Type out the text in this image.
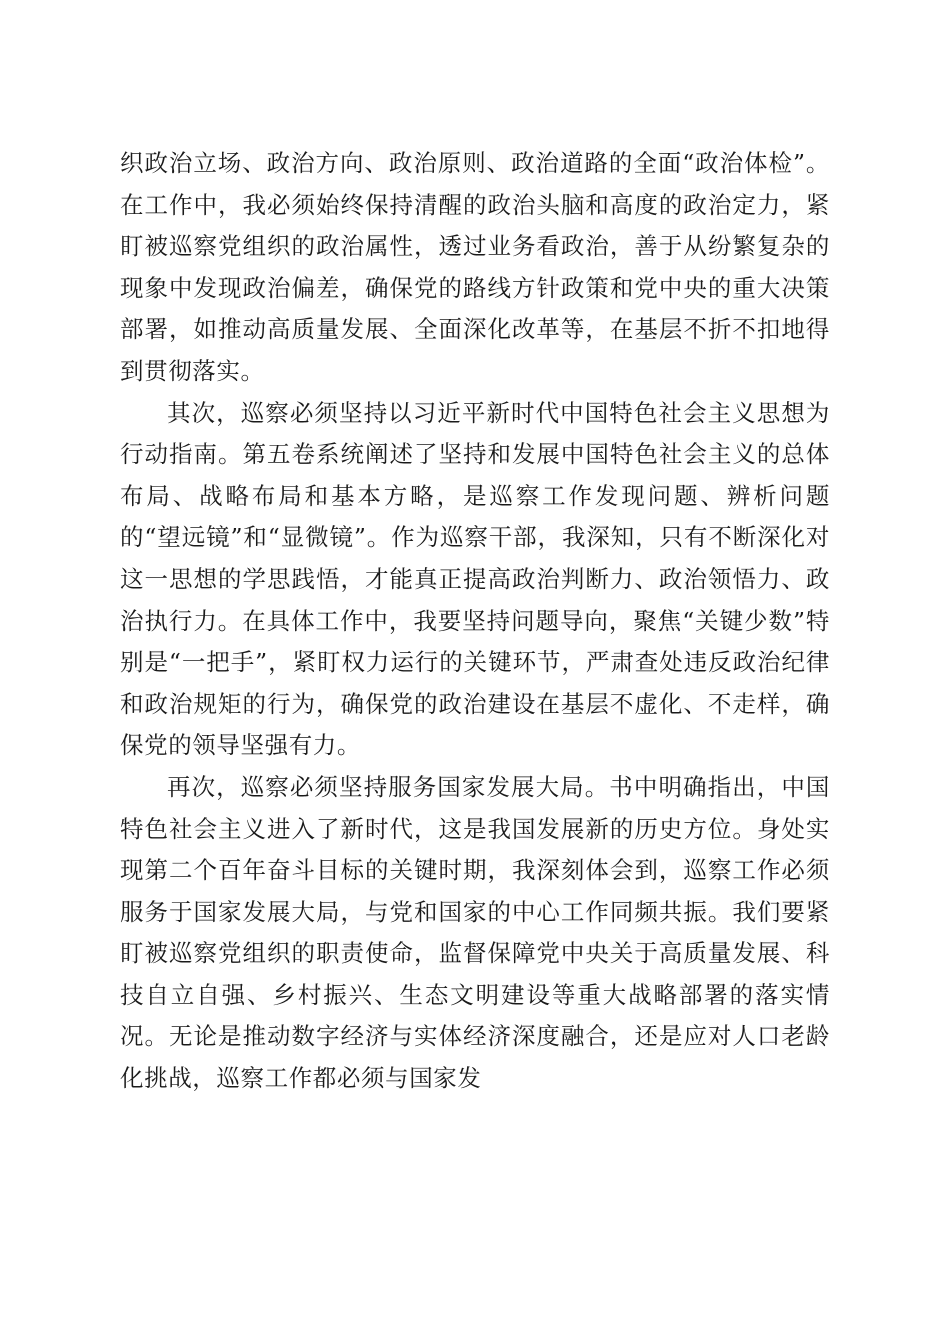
织政治立场、政治方向、政治原则、政治道路的全面“政治体检”。在工作中，我必须始终保持清醒的政治头脑和高度的政治定力，紧盯被巡察党组织的政治属性，透过业务看政治，善于从纷繁复杂的现象中发现政治偏差，确保党的路线方针政策和党中央的重大决策部署，如推动高质量发展、全面深化改革等，在基层不折不扣地得到贯彻落实。

其次，巡察必须坚持以习近平新时代中国特色社会主义思想为行动指南。第五卷系统阐述了坚持和发展中国特色社会主义的总体布局、战略布局和基本方略，是巡察工作发现问题、辨析问题的“望远镜”和“显微镜”。作为巡察干部，我深知，只有不断深化对这一思想的学思践悟，才能真正提高政治判断力、政治领悟力、政治执行力。在具体工作中，我要坚持问题导向，聚焦“关键少数”特别是“一把手”，紧盯权力运行的关键环节，严肃查处违反政治纪律和政治规矩的行为，确保党的政治建设在基层不虚化、不走样，确保党的领导坚强有力。

再次，巡察必须坚持服务国家发展大局。书中明确指出，中国特色社会主义进入了新时代，这是我国发展新的历史方位。身处实现第二个百年奋斗目标的关键时期，我深刻体会到，巡察工作必须服务于国家发展大局，与党和国家的中心工作同频共振。我们要紧盯被巡察党组织的职责使命，监督保障党中央关于高质量发展、科技自立自强、乡村振兴、生态文明建设等重大战略部署的落实情况。无论是推动数字经济与实体经济深度融合，还是应对人口老龄化挑战，巡察工作都必须与国家发
